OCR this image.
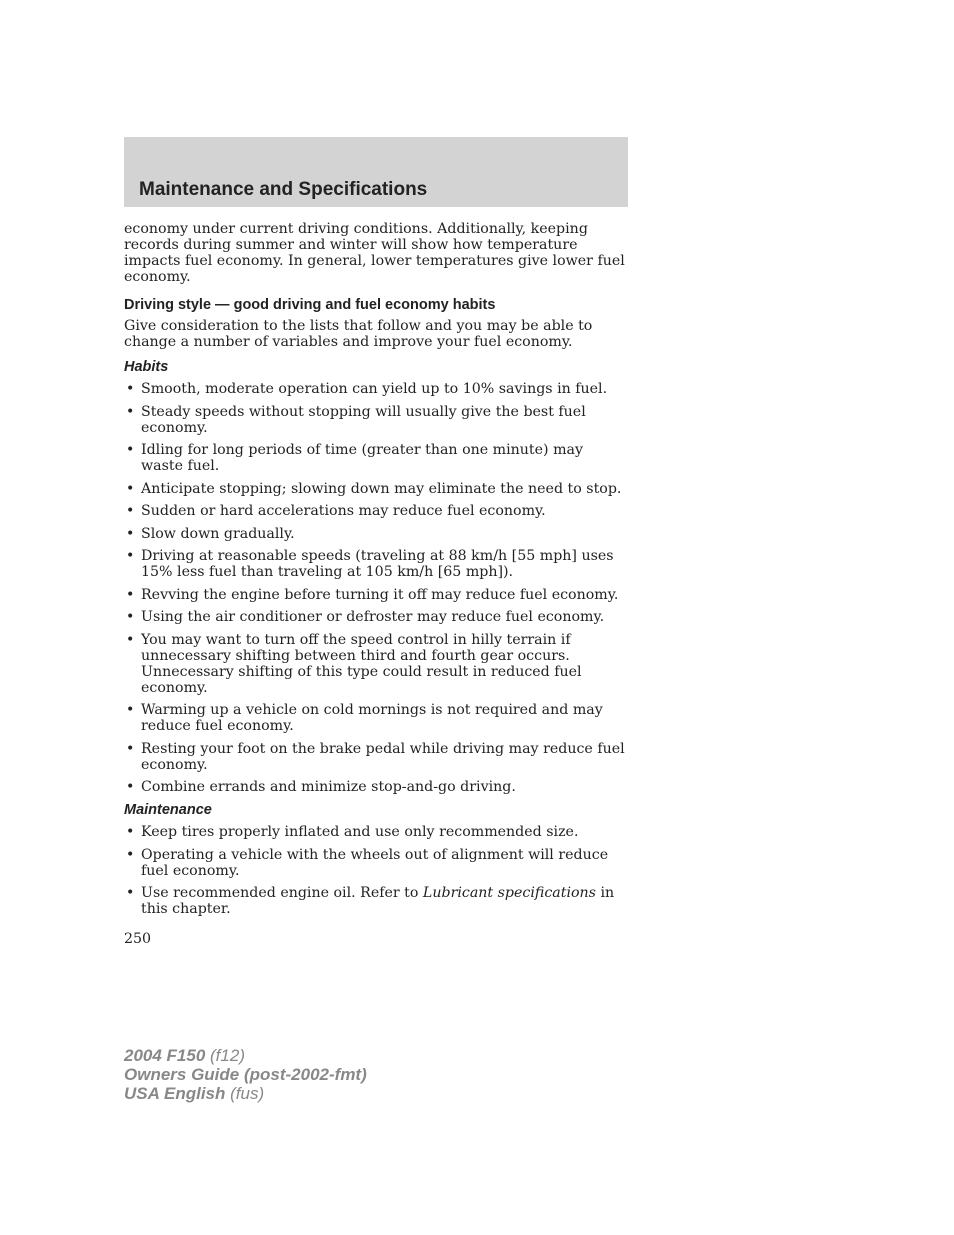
Maintenance and Specifications

economy under current driving conditions. Additionally, keeping records during summer and winter will show how temperature impacts fuel economy. In general, lower temperatures give lower fuel economy.

Driving style — good driving and fuel economy habits

Give consideration to the lists that follow and you may be able to change a number of variables and improve your fuel economy.

Habits
• Smooth, moderate operation can yield up to 10% savings in fuel.
• Steady speeds without stopping will usually give the best fuel economy.
• Idling for long periods of time (greater than one minute) may waste fuel.
• Anticipate stopping; slowing down may eliminate the need to stop.
• Sudden or hard accelerations may reduce fuel economy.
• Slow down gradually.
• Driving at reasonable speeds (traveling at 88 km/h [55 mph] uses 15% less fuel than traveling at 105 km/h [65 mph]).
• Revving the engine before turning it off may reduce fuel economy.
• Using the air conditioner or defroster may reduce fuel economy.
• You may want to turn off the speed control in hilly terrain if unnecessary shifting between third and fourth gear occurs. Unnecessary shifting of this type could result in reduced fuel economy.
• Warming up a vehicle on cold mornings is not required and may reduce fuel economy.
• Resting your foot on the brake pedal while driving may reduce fuel economy.
• Combine errands and minimize stop-and-go driving.
Maintenance
• Keep tires properly inflated and use only recommended size.
• Operating a vehicle with the wheels out of alignment will reduce fuel economy.
• Use recommended engine oil. Refer to Lubricant specifications in this chapter.
250
2004 F150 (f12)
Owners Guide (post-2002-fmt)
USA English (fus)
